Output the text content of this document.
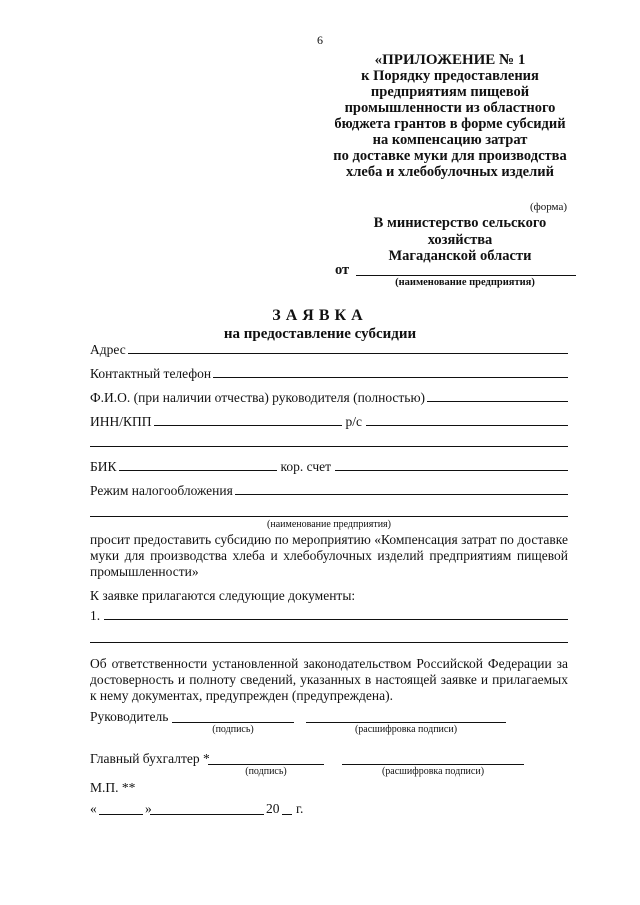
6
«ПРИЛОЖЕНИЕ № 1
к Порядку предоставления
предприятиям пищевой
промышленности из областного
бюджета грантов в форме субсидий
на компенсацию затрат
по доставке муки для производства
хлеба и хлебобулочных изделий
(форма)
В министерство сельского
хозяйства
Магаданской области
от
(наименование предприятия)
ЗАЯВКА
на предоставление субсидии
Адрес
Контактный телефон
Ф.И.О. (при наличии отчества) руководителя (полностью)
ИНН/КПП	р/с
БИК	кор. счет
Режим налогообложения
(наименование предприятия)
просит предоставить субсидию по мероприятию «Компенсация затрат по доставке муки для производства хлеба и хлебобулочных изделий предприятиям пищевой промышленности»
К заявке прилагаются следующие документы:
1.
Об ответственности установленной законодательством Российской Федерации за достоверность и полноту сведений, указанных в настоящей заявке и прилагаемых к нему документах, предупрежден (предупреждена).
Руководитель
(подпись)	(расшифровка подписи)
Главный бухгалтер *
(подпись)	(расшифровка подписи)
М.П. **
«	»	20 г.
